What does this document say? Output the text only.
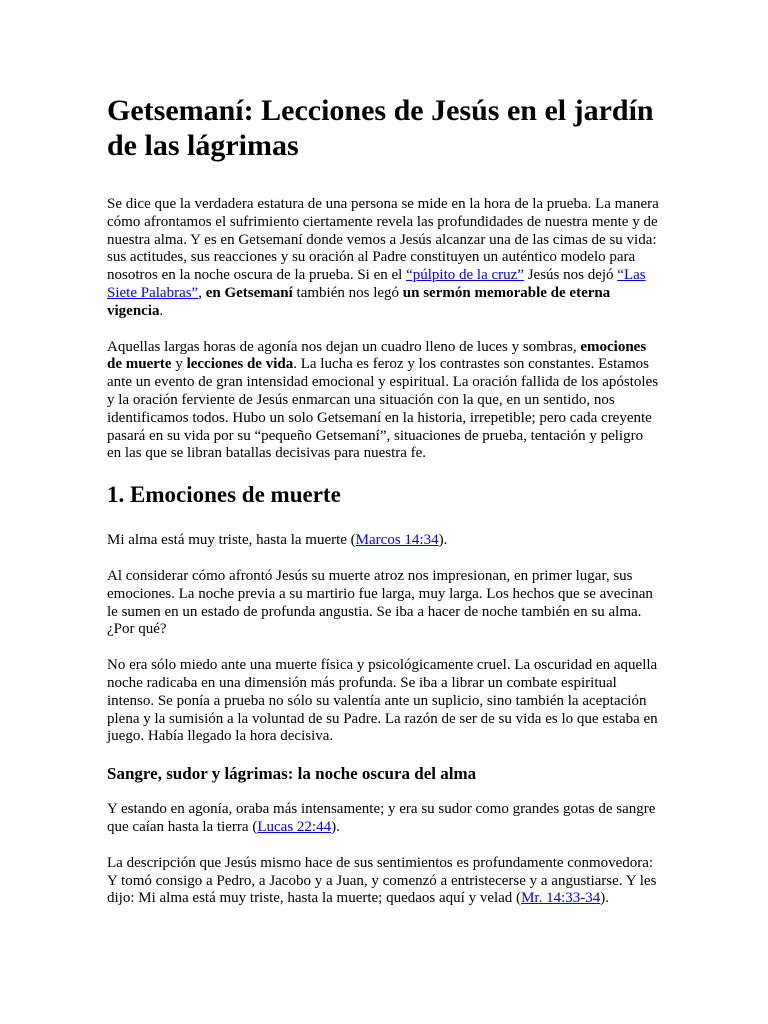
Getsemaní: Lecciones de Jesús en el jardín de las lágrimas

Se dice que la verdadera estatura de una persona se mide en la hora de la prueba. La manera cómo afrontamos el sufrimiento ciertamente revela las profundidades de nuestra mente y de nuestra alma. Y es en Getsemaní donde vemos a Jesús alcanzar una de las cimas de su vida: sus actitudes, sus reacciones y su oración al Padre constituyen un auténtico modelo para nosotros en la noche oscura de la prueba. Si en el “púlpito de la cruz” Jesús nos dejó “Las Siete Palabras”, en Getsemaní también nos legó un sermón memorable de eterna vigencia.

Aquellas largas horas de agonía nos dejan un cuadro lleno de luces y sombras, emociones de muerte y lecciones de vida. La lucha es feroz y los contrastes son constantes. Estamos ante un evento de gran intensidad emocional y espiritual. La oración fallida de los apóstoles y la oración ferviente de Jesús enmarcan una situación con la que, en un sentido, nos identificamos todos. Hubo un solo Getsemaní en la historia, irrepetible; pero cada creyente pasará en su vida por su “pequeño Getsemaní”, situaciones de prueba, tentación y peligro en las que se libran batallas decisivas para nuestra fe.

1. Emociones de muerte

Mi alma está muy triste, hasta la muerte (Marcos 14:34).

Al considerar cómo afrontó Jesús su muerte atroz nos impresionan, en primer lugar, sus emociones. La noche previa a su martirio fue larga, muy larga. Los hechos que se avecinan le sumen en un estado de profunda angustia. Se iba a hacer de noche también en su alma. ¿Por qué?

No era sólo miedo ante una muerte física y psicológicamente cruel. La oscuridad en aquella noche radicaba en una dimensión más profunda. Se iba a librar un combate espiritual intenso. Se ponía a prueba no sólo su valentía ante un suplicio, sino también la aceptación plena y la sumisión a la voluntad de su Padre. La razón de ser de su vida es lo que estaba en juego. Había llegado la hora decisiva.

Sangre, sudor y lágrimas: la noche oscura del alma

Y estando en agonía, oraba más intensamente; y era su sudor como grandes gotas de sangre que caían hasta la tierra (Lucas 22:44).

La descripción que Jesús mismo hace de sus sentimientos es profundamente conmovedora: Y tomó consigo a Pedro, a Jacobo y a Juan, y comenzó a entristecerse y a angustiarse. Y les dijo: Mi alma está muy triste, hasta la muerte; quedaos aquí y velad (Mr. 14:33-34).
